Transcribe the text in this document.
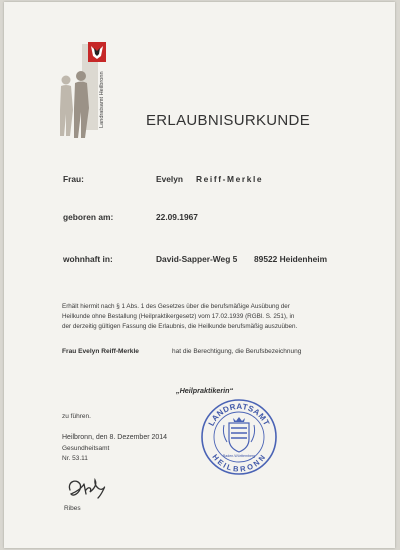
Landratsamt Heilbronn	ERLAUBNISURKUNDE
Frau:	Evelyn Reiff-Merkle
geboren am:	22.09.1967
wohnhaft in:	David-Sapper-Weg 5 89522 Heidenheim
Erhält hiermit nach § 1 Abs. 1 des Gesetzes über die berufsmäßige Ausübung der
Heilkunde ohne Bestallung (Heilpraktikergesetz) vom 17.02.1939 (RGBl. S. 251), in
der derzeitig gültigen Fassung die Erlaubnis, die Heilkunde berufsmäßig auszuüben.
Frau Evelyn Reiff-Merkle	hat die Berechtigung, die Berufsbezeichnung
„Heilpraktikerin“
zu führen.
Heilbronn, den 8. Dezember 2014
Gesundheitsamt
Nr. 53.11
LANDRATSAMT
HEILBRONN
Baden-Württemberg
Ribes
